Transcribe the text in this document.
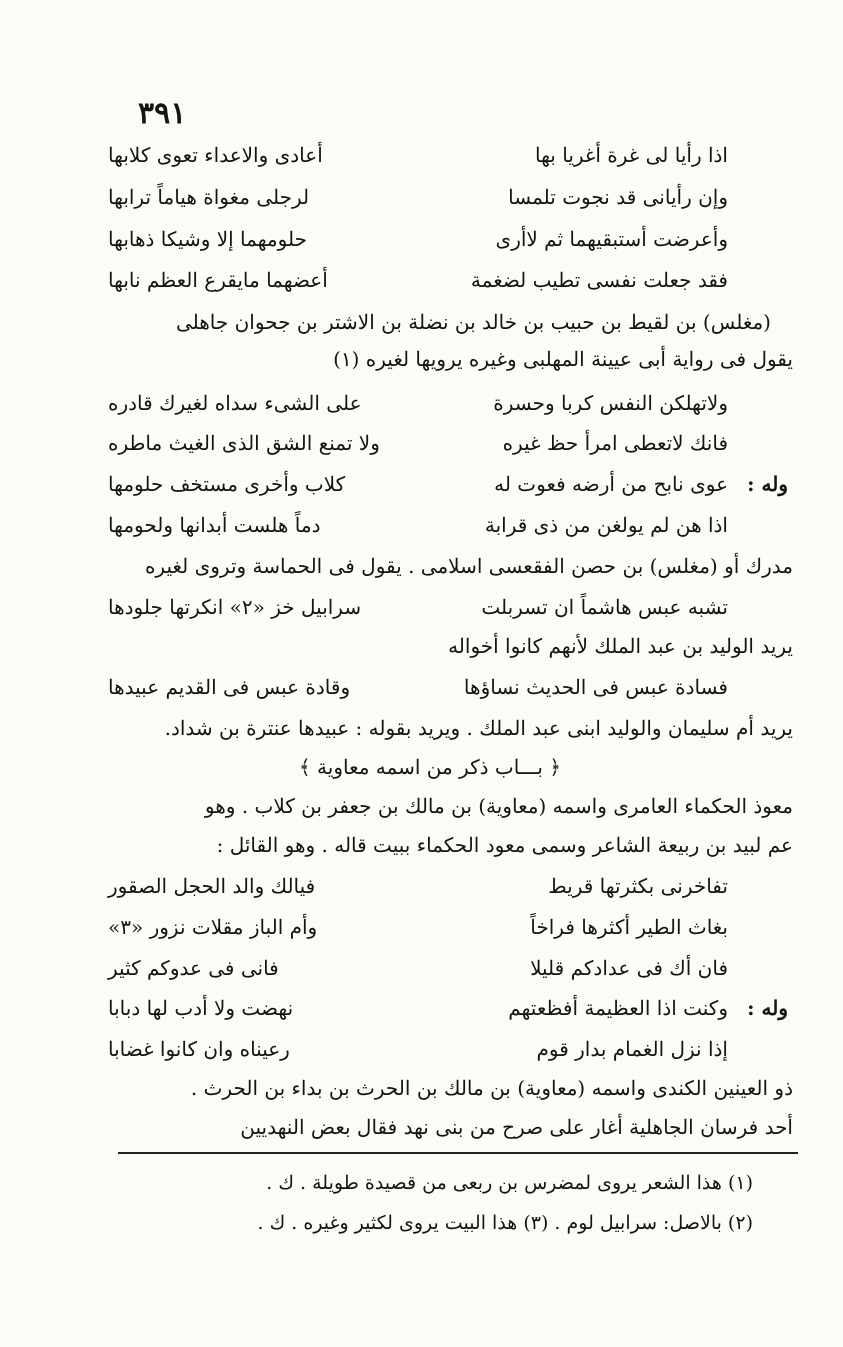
٣٩١
اذا رأيا لى غرة أغريا بها
أعادى والاعداء تعوى كلابها
وإن رأيانى قد نجوت تلمسا
لرجلى مغواة هياماً ترابها
وأعرضت أستبقيهما ثم لاأرى
حلومهما إلا وشيكا ذهابها
فقد جعلت نفسى تطيب لضغمة
أعضهما مايقرع العظم نابها
(مغلس) بن لقيط بن حبيب بن خالد بن نضلة بن الاشتر بن جحوان جاهلى
يقول فى رواية أبى عيينة المهلبى وغيره يرويها لغيره (١)
ولاتهلكن النفس كربا وحسرة
على الشىء سداه لغيرك قادره
فانك لاتعطى امرأ حظ غيره
ولا تمنع الشق الذى الغيث ماطره
وله :
عوى نابح من أرضه فعوت له
كلاب وأخرى مستخف حلومها
اذا هن لم يولغن من ذى قرابة
دماً هلست أبدانها ولحومها
مدرك أو (مغلس) بن حصن الفقعسى اسلامى . يقول فى الحماسة وتروى لغيره
تشبه عبس هاشماً ان تسربلت
سرابيل خز «٢» انكرتها جلودها
يريد الوليد بن عبد الملك لأنهم كانوا أخواله
فسادة عبس فى الحديث نساؤها
وقادة عبس فى القديم عبيدها
يريد أم سليمان والوليد ابنى عبد الملك . ويريد بقوله : عبيدها عنترة بن شداد.
﴿ بـــاب ذكر من اسمه معاوية ﴾
معوذ الحكماء العامرى واسمه (معاوية) بن مالك بن جعفر بن كلاب . وهو
عم لبيد بن ربيعة الشاعر وسمى معود الحكماء ببيت قاله . وهو القائل :
تفاخرنى بكثرتها قريط
فيالك والد الحجل الصقور
بغاث الطير أكثرها فراخاً
وأم الباز مقلات نزور «٣»
فان أك فى عدادكم قليلا
فانى فى عدوكم كثير
وله :
وكنت اذا العظيمة أفظعتهم
نهضت ولا أدب لها دبابا
إذا نزل الغمام بدار قوم
رعيناه وان كانوا غضابا
ذو العينين الكندى واسمه (معاوية) بن مالك بن الحرث بن بداء بن الحرث .
أحد فرسان الجاهلية أغار على صرح من بنى نهد فقال بعض النهديين
(١) هذا الشعر يروى لمضرس بن ربعى من قصيدة طويلة . ك .
(٢) بالاصل: سرابيل لوم . (٣) هذا البيت يروى لكثير وغيره . ك .
